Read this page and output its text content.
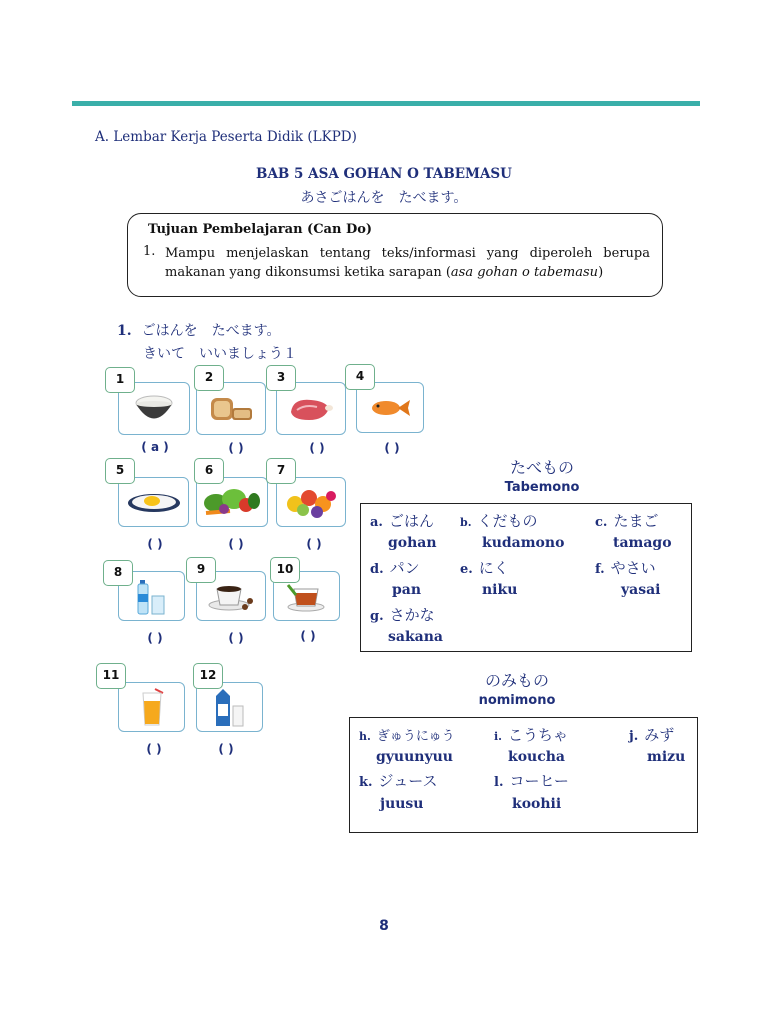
A. Lembar Kerja Peserta Didik (LKPD)
BAB 5 ASA GOHAN O TABEMASU
あさごはんを　たべます。
Tujuan Pembelajaran (Can Do)
1. Mampu menjelaskan tentang teks/informasi yang diperoleh berupa makanan yang dikonsumsi ketika sarapan (asa gohan o tabemasu)
1. ごはんを　たべます。
きいて　いいましょう１
1
( a )
2
( )
3
( )
4
( )
5
( )
6
( )
7
( )
8
( )
9
( )
10
( )
11
( )
12
( )
たべもの
Tabemono
a. ごはん
gohan
b. くだもの
kudamono
c. たまご
tamago
d. パン
pan
e. にく
niku
f. やさい
yasai
g. さかな
sakana
のみもの
nomimono
h. ぎゅうにゅう
gyuunyuu
i. こうちゃ
koucha
j. みず
mizu
k. ジュース
juusu
l. コーヒー
koohii
8
